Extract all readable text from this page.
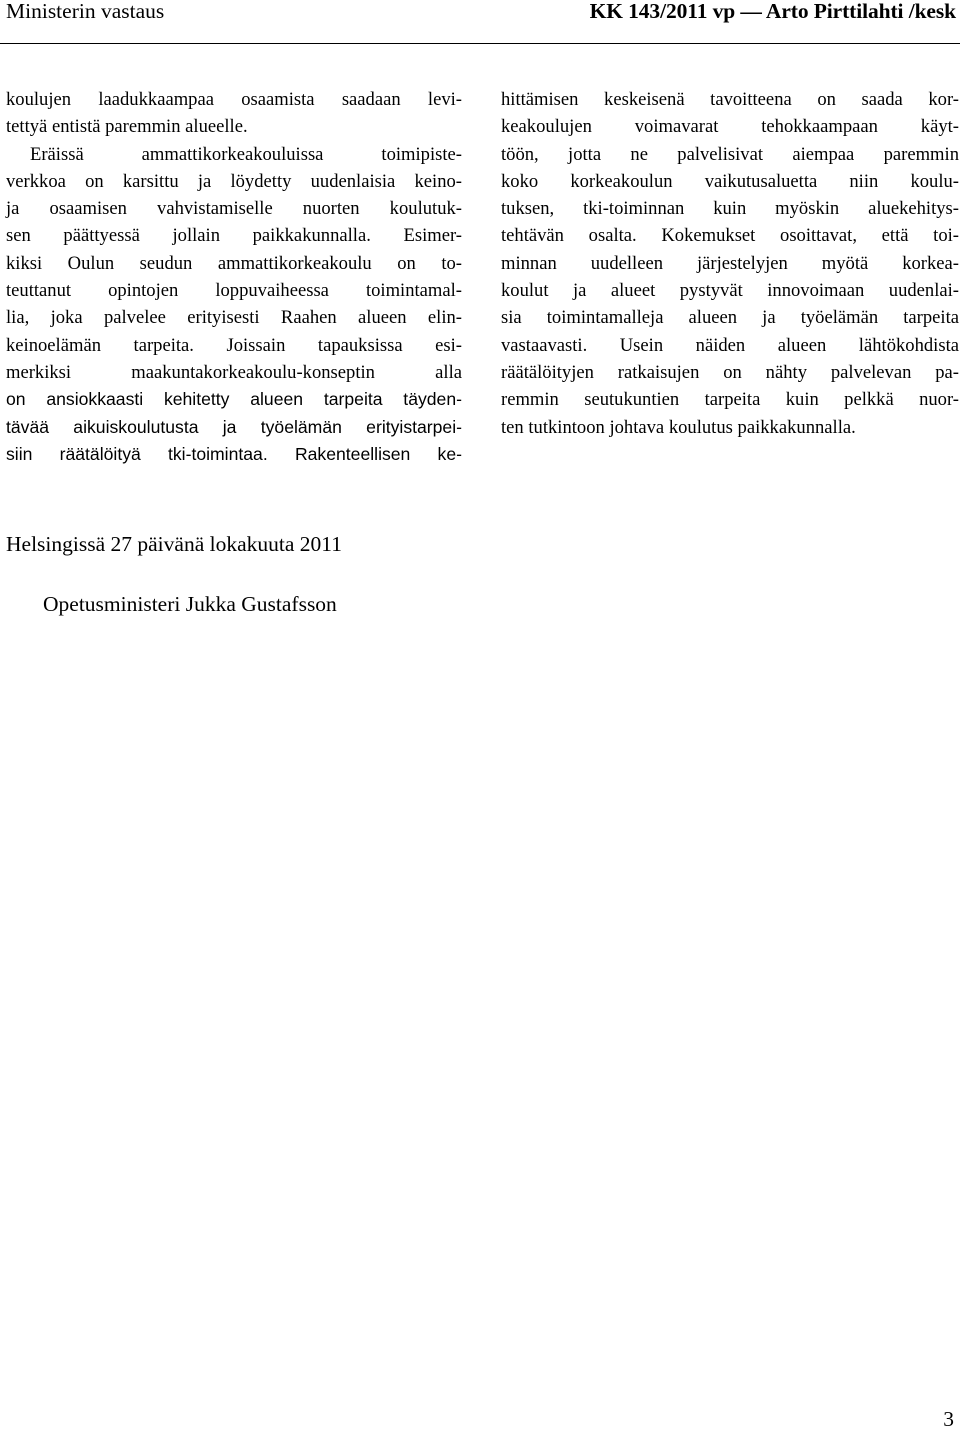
Ministerin vastaus	KK 143/2011 vp — Arto Pirttilahti /kesk
koulujen laadukkaampaa osaamista saadaan levi-
tettyä entistä paremmin alueelle.
Eräissä ammattikorkeakouluissa toimipiste-
verkkoa on karsittu ja löydetty uudenlaisia keino-
ja osaamisen vahvistamiselle nuorten koulutuk-
sen päättyessä jollain paikkakunnalla. Esimer-
kiksi Oulun seudun ammattikorkeakoulu on to-
teuttanut opintojen loppuvaiheessa toimintamal-
lia, joka palvelee erityisesti Raahen alueen elin-
keinoelämän tarpeita. Joissain tapauksissa esi-
merkiksi maakuntakorkeakoulu-konseptin alla
on ansiokkaasti kehitetty alueen tarpeita täyden-
tävää aikuiskoulutusta ja työelämän erityistarpei-
siin räätälöityä tki-toimintaa. Rakenteellisen ke-
hittämisen keskeisenä tavoitteena on saada kor-
keakoulujen voimavarat tehokkaampaan käyt-
töön, jotta ne palvelisivat aiempaa paremmin
koko korkeakoulun vaikutusaluetta niin koulu-
tuksen, tki-toiminnan kuin myöskin aluekehitys-
tehtävän osalta. Kokemukset osoittavat, että toi-
minnan uudelleen järjestelyjen myötä korkea-
koulut ja alueet pystyvät innovoimaan uudenlai-
sia toimintamalleja alueen ja työelämän tarpeita
vastaavasti. Usein näiden alueen lähtökohdista
räätälöityjen ratkaisujen on nähty palvelevan pa-
remmin seutukuntien tarpeita kuin pelkkä nuor-
ten tutkintoon johtava koulutus paikkakunnalla.
Helsingissä 27 päivänä lokakuuta 2011
Opetusministeri Jukka Gustafsson
3
